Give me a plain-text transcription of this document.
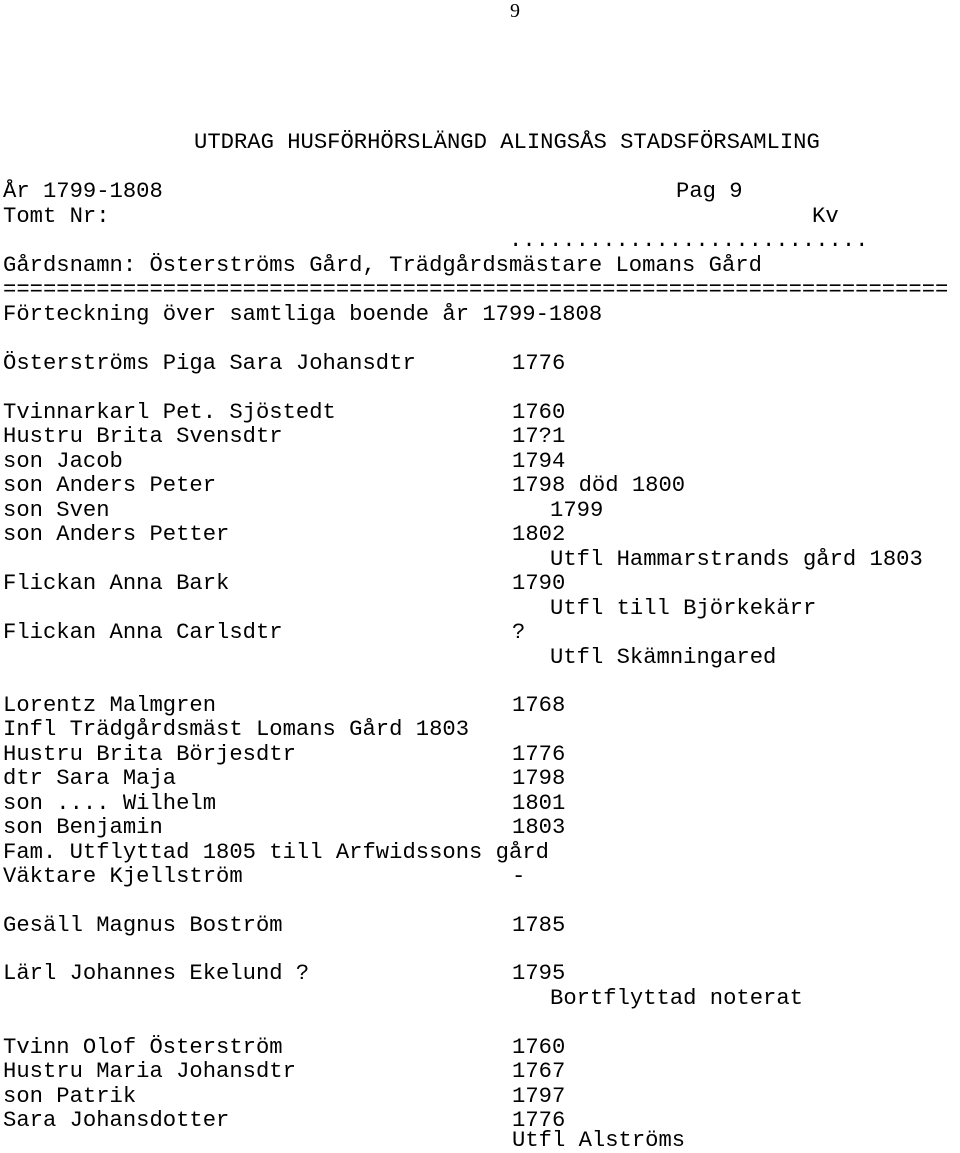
9
UTDRAG HUSFÖRHÖRSLÄNGD ALINGSÅS STADSFÖRSAMLING
År 1799-1808	Pag 9
Tomt Nr:	Kv
...........................
Gårdsnamn: Österströms Gård, Trädgårdsmästare Lomans Gård
=======================================================================
Förteckning över samtliga boende år 1799-1808
Österströms Piga Sara Johansdtr	1776
Tvinnarkarl Pet. Sjöstedt	1760
Hustru Brita Svensdtr	17?1
son Jacob	1794
son Anders Peter	1798 död 1800
son Sven	1799
son Anders Petter	1802
Utfl Hammarstrands gård 1803
Flickan Anna Bark	1790
Utfl till Björkekärr
Flickan Anna Carlsdtr	?
Utfl Skämningared
Lorentz Malmgren	1768
Infl Trädgårdsmäst Lomans Gård 1803
Hustru Brita Börjesdtr	1776
dtr Sara Maja	1798
son .... Wilhelm	1801
son Benjamin	1803
Fam. Utflyttad 1805 till Arfwidssons gård
Väktare Kjellström	-
Gesäll Magnus Boström	1785
Lärl Johannes Ekelund ?	1795
Bortflyttad noterat
Tvinn Olof Österström	1760
Hustru Maria Johansdtr	1767
son Patrik	1797
Sara Johansdotter	1776
Utfl Alströms
